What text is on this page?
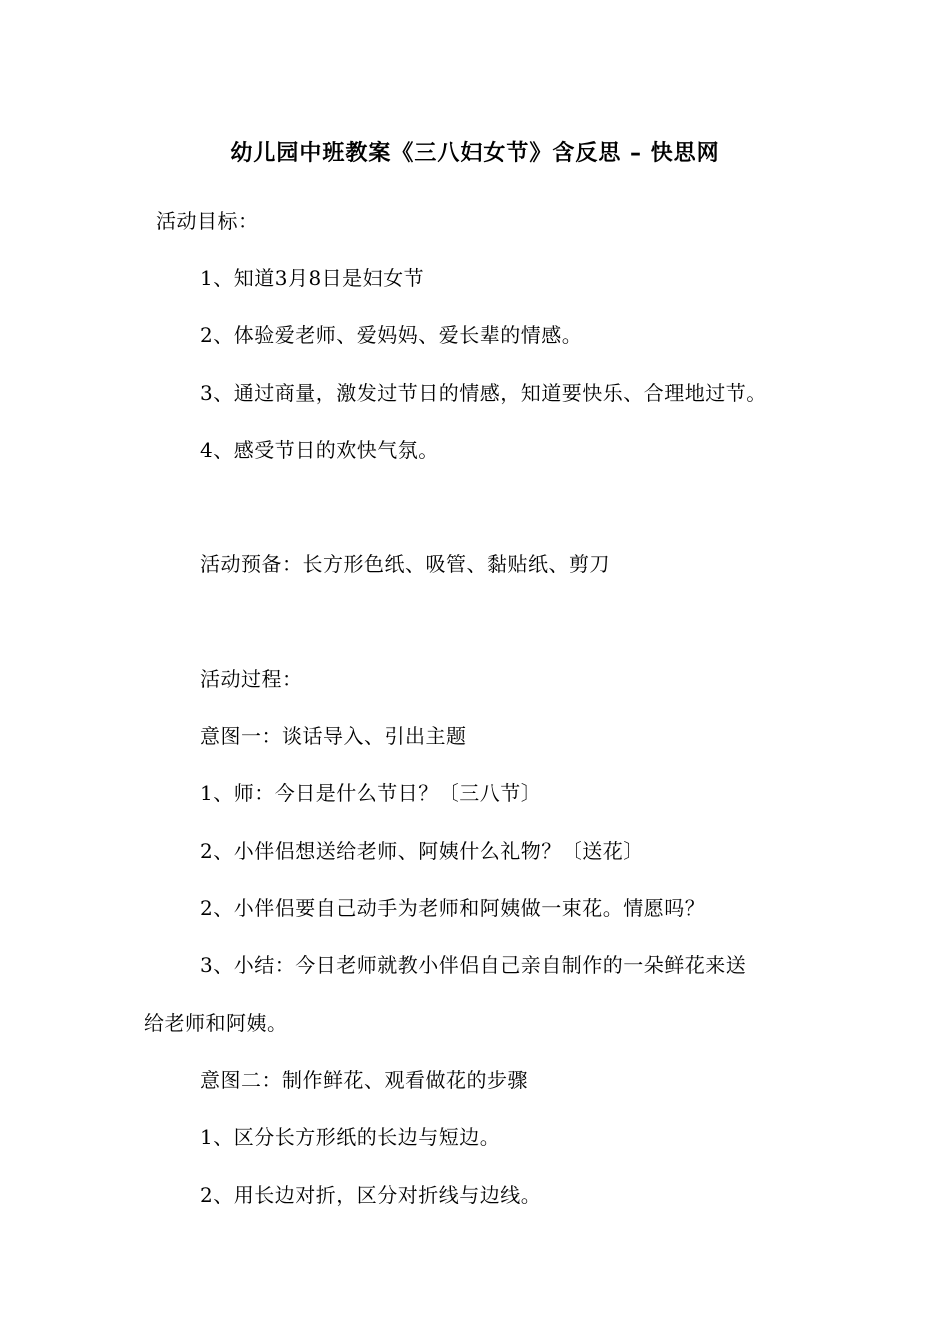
幼儿园中班教案《三八妇女节》含反思 – 快思网
活动目标：
1、知道3月8日是妇女节
2、体验爱老师、爱妈妈、爱长辈的情感。
3、通过商量，激发过节日的情感，知道要快乐、合理地过节。
4、感受节日的欢快气氛。
活动预备：长方形色纸、吸管、黏贴纸、剪刀
活动过程：
意图一：谈话导入、引出主题
1、师：今日是什么节日？〔三八节〕
2、小伴侣想送给老师、阿姨什么礼物？〔送花〕
2、小伴侣要自己动手为老师和阿姨做一束花。情愿吗？
3、小结：今日老师就教小伴侣自己亲自制作的一朵鲜花来送
给老师和阿姨。
意图二：制作鲜花、观看做花的步骤
1、区分长方形纸的长边与短边。
2、用长边对折，区分对折线与边线。
